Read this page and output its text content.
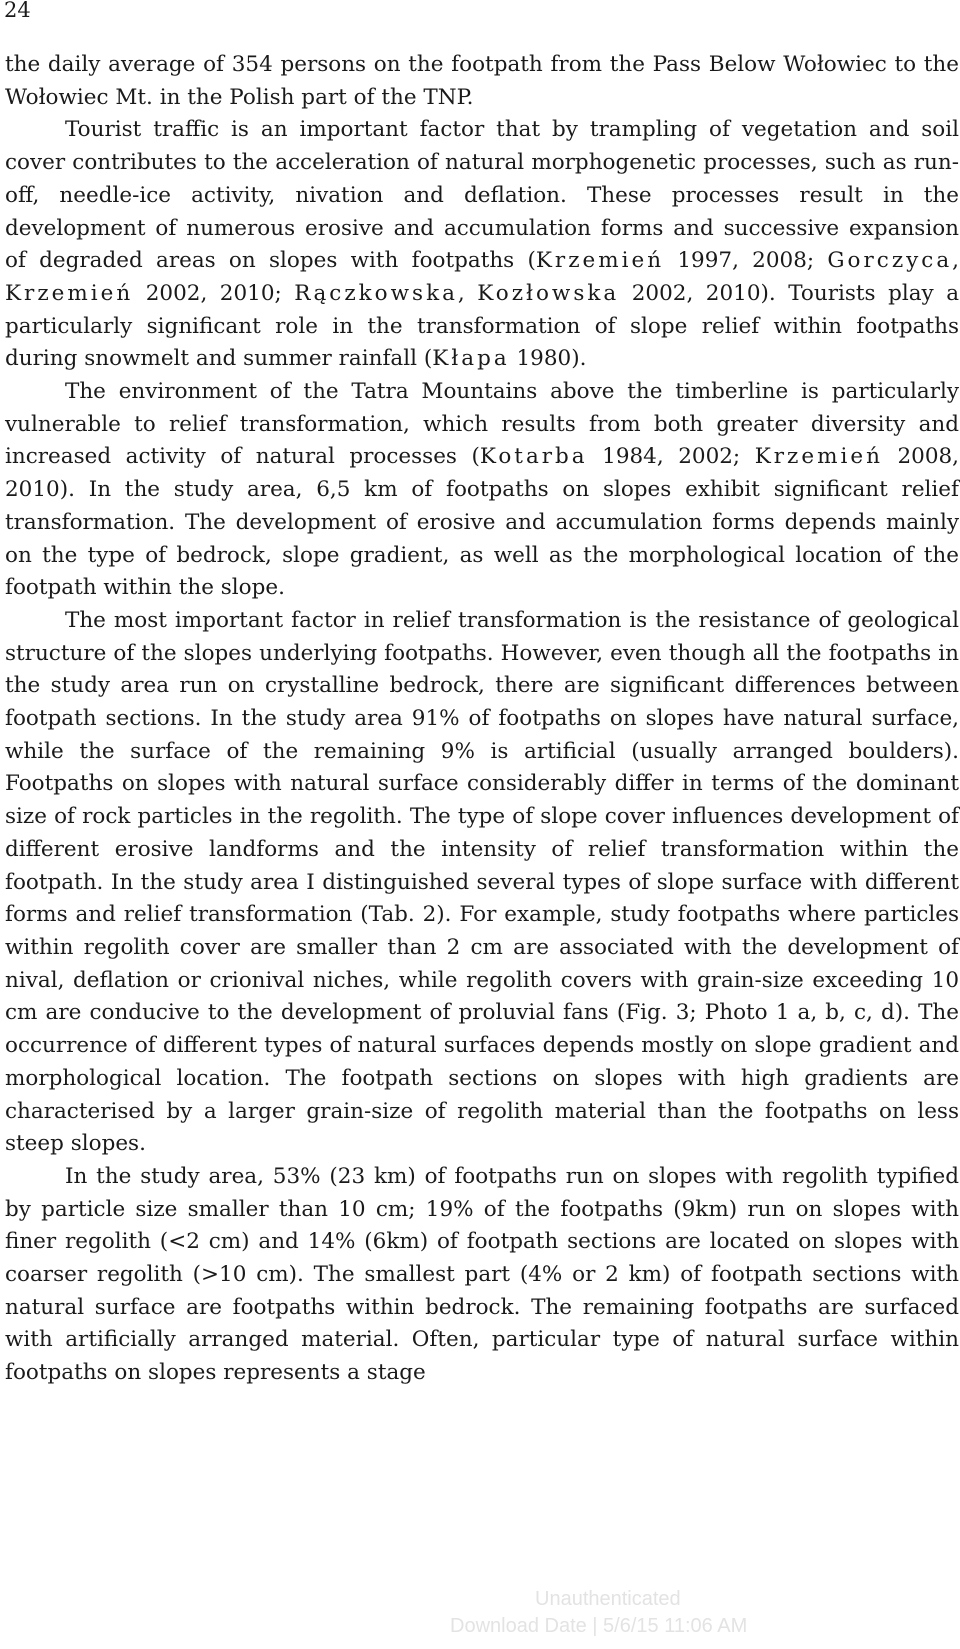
24

the daily average of 354 persons on the footpath from the Pass Below Wołowiec to the Wołowiec Mt. in the Polish part of the TNP.

Tourist traffic is an important factor that by trampling of vegetation and soil cover contributes to the acceleration of natural morphogenetic processes, such as run-off, needle-ice activity, nivation and deflation. These processes result in the development of numerous erosive and accumulation forms and successive expansion of degraded areas on slopes with footpaths (Krzemień 1997, 2008; Gorczyca, Krzemień 2002, 2010; Rączkowska, Kozłowska 2002, 2010). Tourists play a particularly significant role in the transformation of slope relief within footpaths during snowmelt and summer rainfall (Kłapa 1980).

The environment of the Tatra Mountains above the timberline is particularly vulnerable to relief transformation, which results from both greater diversity and increased activity of natural processes (Kotarba 1984, 2002; Krzemień 2008, 2010). In the study area, 6,5 km of footpaths on slopes exhibit significant relief transformation. The development of erosive and accumulation forms depends mainly on the type of bedrock, slope gradient, as well as the morphological location of the footpath within the slope.

The most important factor in relief transformation is the resistance of geological structure of the slopes underlying footpaths. However, even though all the footpaths in the study area run on crystalline bedrock, there are significant differences between footpath sections. In the study area 91% of footpaths on slopes have natural surface, while the surface of the remaining 9% is artificial (usually arranged boulders). Footpaths on slopes with natural surface considerably differ in terms of the dominant size of rock particles in the regolith. The type of slope cover influences development of different erosive landforms and the intensity of relief transformation within the footpath. In the study area I distinguished several types of slope surface with different forms and relief transformation (Tab. 2). For example, study footpaths where particles within regolith cover are smaller than 2 cm are associated with the development of nival, deflation or crionival niches, while regolith covers with grain-size exceeding 10 cm are conducive to the development of proluvial fans (Fig. 3; Photo 1 a, b, c, d). The occurrence of different types of natural surfaces depends mostly on slope gradient and morphological location. The footpath sections on slopes with high gradients are characterised by a larger grain-size of regolith material than the footpaths on less steep slopes.

In the study area, 53% (23 km) of footpaths run on slopes with regolith typified by particle size smaller than 10 cm; 19% of the footpaths (9km) run on slopes with finer regolith (<2 cm) and 14% (6km) of footpath sections are located on slopes with coarser regolith (>10 cm). The smallest part (4% or 2 km) of footpath sections with natural surface are footpaths within bedrock. The remaining footpaths are surfaced with artificially arranged material. Often, particular type of natural surface within footpaths on slopes represents a stage

Unauthenticated
Download Date | 5/6/15 11:06 AM
